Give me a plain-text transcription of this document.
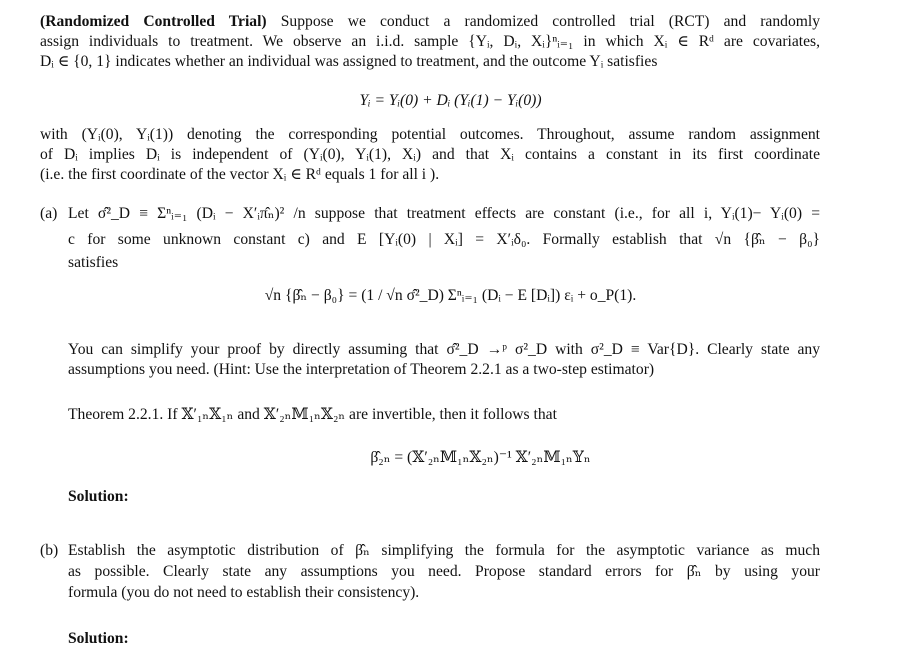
(Randomized Controlled Trial) Suppose we conduct a randomized controlled trial (RCT) and randomly
assign individuals to treatment. We observe an i.i.d. sample {Yᵢ, Dᵢ, Xᵢ}ⁿᵢ₌₁ in which Xᵢ ∈ Rᵈ are covariates,
Dᵢ ∈ {0, 1} indicates whether an individual was assigned to treatment, and the outcome Yᵢ satisfies
Yᵢ = Yᵢ(0) + Dᵢ (Yᵢ(1) − Yᵢ(0))
with (Yᵢ(0), Yᵢ(1)) denoting the corresponding potential outcomes. Throughout, assume random assignment
of Dᵢ implies Dᵢ is independent of (Yᵢ(0), Yᵢ(1), Xᵢ) and that Xᵢ contains a constant in its first coordinate
(i.e. the first coordinate of the vector Xᵢ ∈ Rᵈ equals 1 for all i ).
(a) Let σ̂²_D ≡ Σⁿᵢ₌₁ (Dᵢ − X′ᵢπ̂ₙ)² /n suppose that treatment effects are constant (i.e., for all i, Yᵢ(1)− Yᵢ(0) =
c for some unknown constant c) and E [Yᵢ(0) | Xᵢ] = X′ᵢδ₀. Formally establish that √n {β̂ₙ − β₀}
satisfies
√n {β̂ₙ − β₀} = (1 / √n σ̂²_D) Σⁿᵢ₌₁ (Dᵢ − E [Dᵢ]) εᵢ + o_P(1).
You can simplify your proof by directly assuming that σ̂²_D →ᵖ σ²_D with σ²_D ≡ Var{D}. Clearly state any
assumptions you need. (Hint: Use the interpretation of Theorem 2.2.1 as a two-step estimator)
Theorem 2.2.1. If 𝕏′₁ₙ𝕏₁ₙ and 𝕏′₂ₙ𝕄₁ₙ𝕏₂ₙ are invertible, then it follows that
β̂₂ₙ = (𝕏′₂ₙ𝕄₁ₙ𝕏₂ₙ)⁻¹ 𝕏′₂ₙ𝕄₁ₙ𝕐ₙ
Solution:
(b) Establish the asymptotic distribution of β̂ₙ simplifying the formula for the asymptotic variance as much
as possible. Clearly state any assumptions you need. Propose standard errors for β̂ₙ by using your
formula (you do not need to establish their consistency).
Solution:
